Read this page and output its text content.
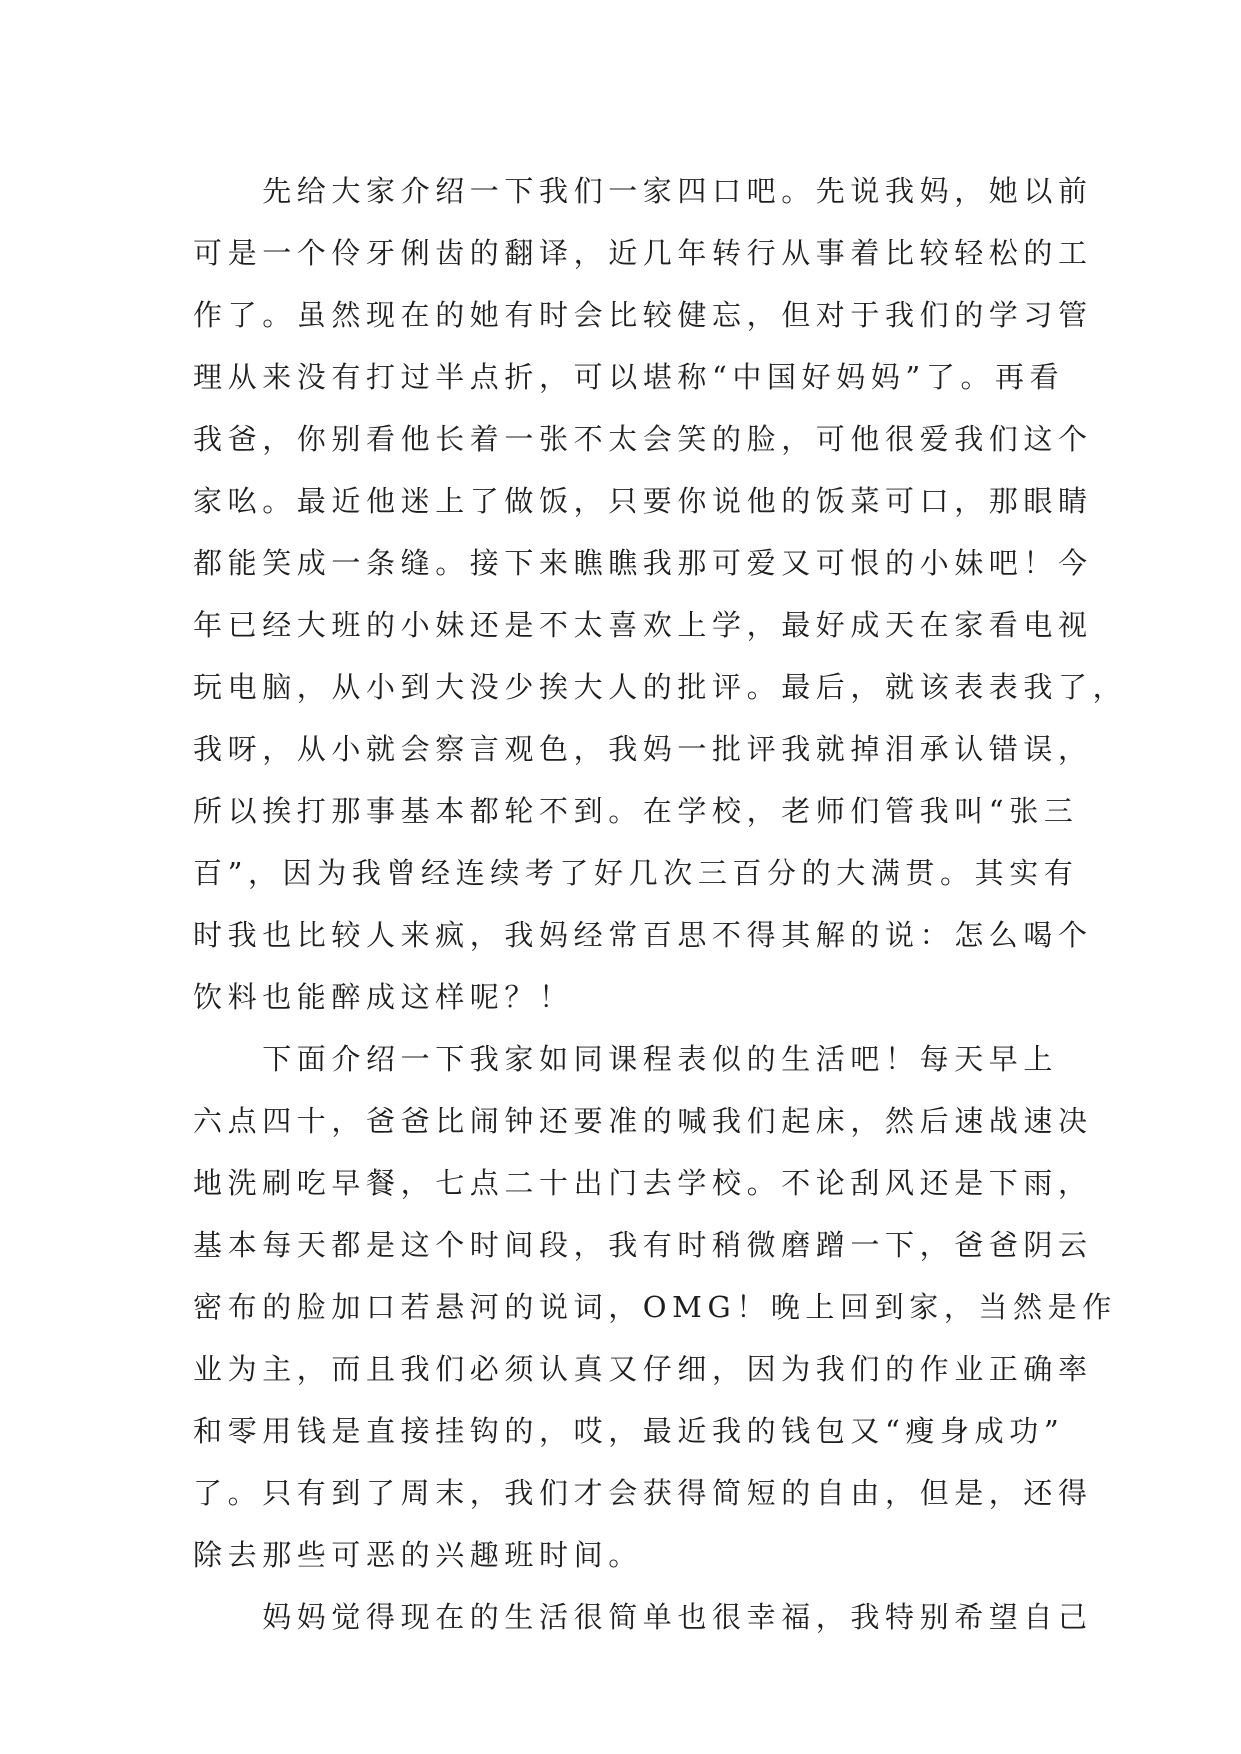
　　先给大家介绍一下我们一家四口吧。先说我妈，她以前
可是一个伶牙俐齿的翻译，近几年转行从事着比较轻松的工
作了。虽然现在的她有时会比较健忘，但对于我们的学习管
理从来没有打过半点折，可以堪称“中国好妈妈”了。再看
我爸，你别看他长着一张不太会笑的脸，可他很爱我们这个
家吆。最近他迷上了做饭，只要你说他的饭菜可口，那眼睛
都能笑成一条缝。接下来瞧瞧我那可爱又可恨的小妹吧！今
年已经大班的小妹还是不太喜欢上学，最好成天在家看电视
玩电脑，从小到大没少挨大人的批评。最后，就该表表我了，
我呀，从小就会察言观色，我妈一批评我就掉泪承认错误，
所以挨打那事基本都轮不到。在学校，老师们管我叫“张三
百”，因为我曾经连续考了好几次三百分的大满贯。其实有
时我也比较人来疯，我妈经常百思不得其解的说：怎么喝个
饮料也能醉成这样呢？！
　　下面介绍一下我家如同课程表似的生活吧！每天早上
六点四十，爸爸比闹钟还要准的喊我们起床，然后速战速决
地洗刷吃早餐，七点二十出门去学校。不论刮风还是下雨，
基本每天都是这个时间段，我有时稍微磨蹭一下，爸爸阴云
密布的脸加口若悬河的说词，OMG！晚上回到家，当然是作
业为主，而且我们必须认真又仔细，因为我们的作业正确率
和零用钱是直接挂钩的，哎，最近我的钱包又“瘦身成功”
了。只有到了周末，我们才会获得简短的自由，但是，还得
除去那些可恶的兴趣班时间。
　　妈妈觉得现在的生活很简单也很幸福，我特别希望自己
